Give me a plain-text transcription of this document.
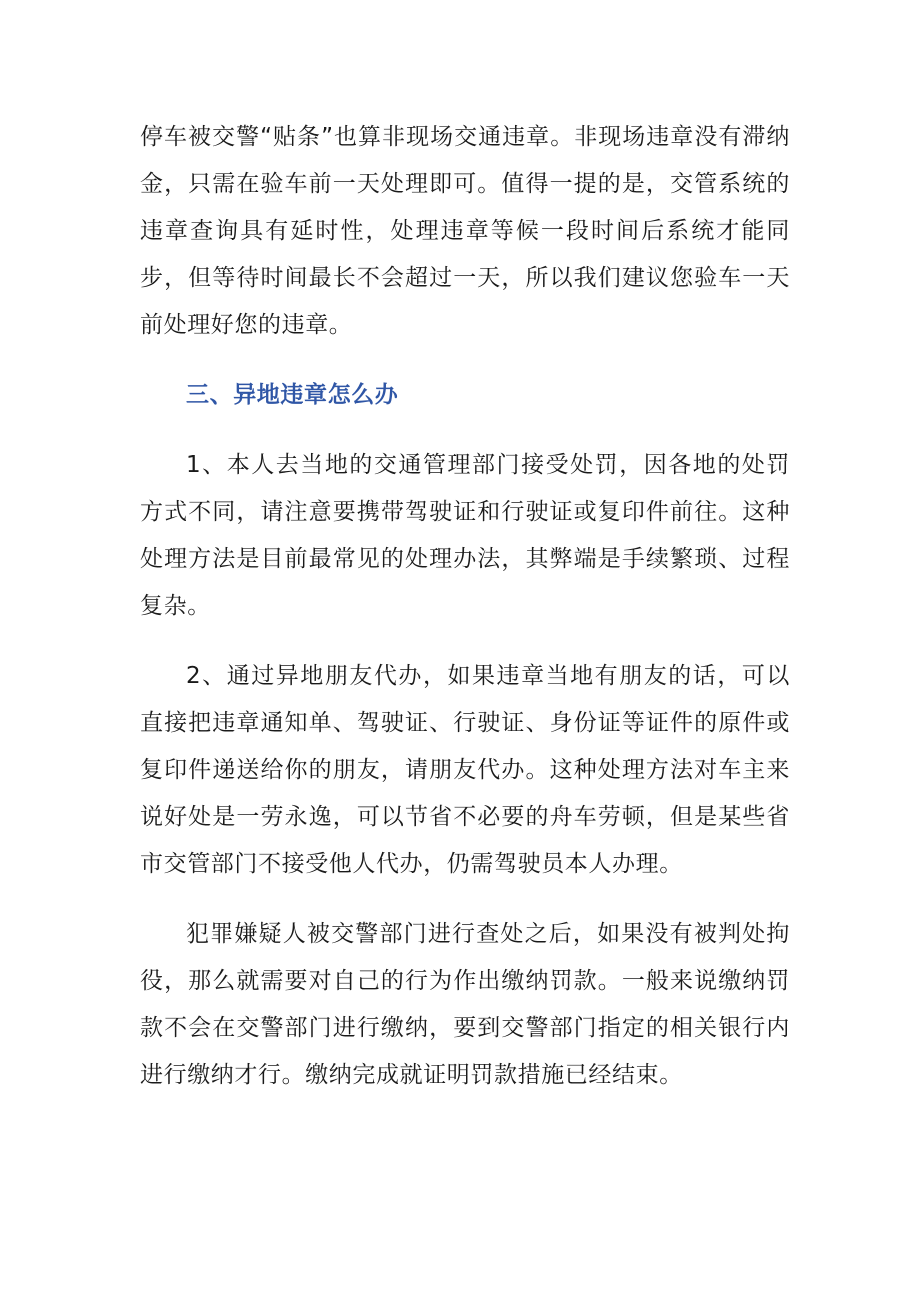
停车被交警“贴条”也算非现场交通违章。非现场违章没有滞纳金，只需在验车前一天处理即可。值得一提的是，交管系统的违章查询具有延时性，处理违章等候一段时间后系统才能同步，但等待时间最长不会超过一天，所以我们建议您验车一天前处理好您的违章。

三、异地违章怎么办

1、本人去当地的交通管理部门接受处罚，因各地的处罚方式不同，请注意要携带驾驶证和行驶证或复印件前往。这种处理方法是目前最常见的处理办法，其弊端是手续繁琐、过程复杂。

2、通过异地朋友代办，如果违章当地有朋友的话，可以直接把违章通知单、驾驶证、行驶证、身份证等证件的原件或复印件递送给你的朋友，请朋友代办。这种处理方法对车主来说好处是一劳永逸，可以节省不必要的舟车劳顿，但是某些省市交管部门不接受他人代办，仍需驾驶员本人办理。

犯罪嫌疑人被交警部门进行查处之后，如果没有被判处拘役，那么就需要对自己的行为作出缴纳罚款。一般来说缴纳罚款不会在交警部门进行缴纳，要到交警部门指定的相关银行内进行缴纳才行。缴纳完成就证明罚款措施已经结束。
